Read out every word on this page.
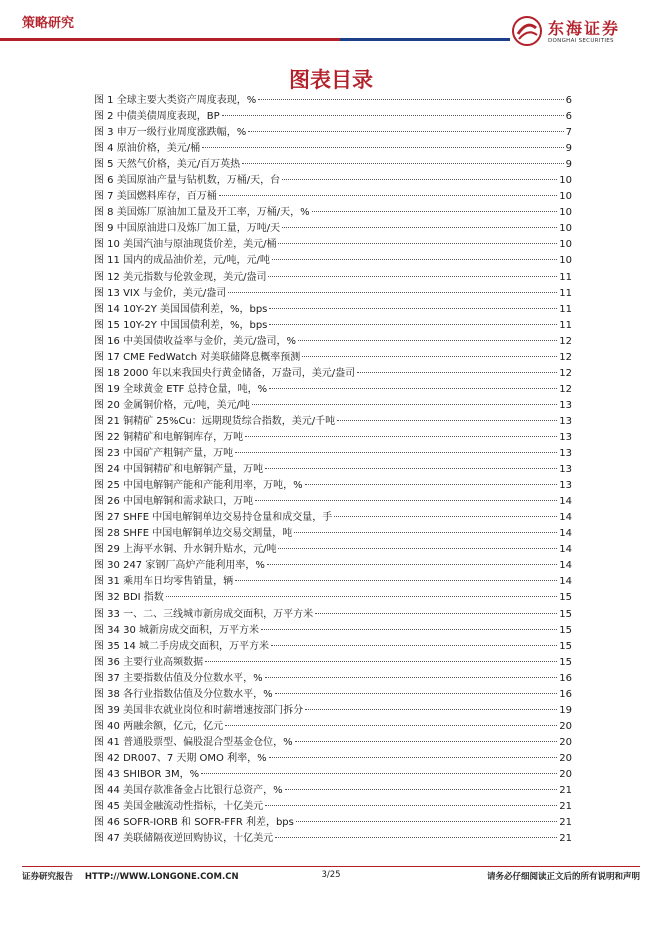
策略研究	东海证券
DONGHAI SECURITIES
图表目录
图 1 全球主要大类资产周度表现，%	6
图 2 中债美债周度表现，BP	6
图 3 申万一级行业周度涨跌幅，%	7
图 4 原油价格，美元/桶	9
图 5 天然气价格，美元/百万英热	9
图 6 美国原油产量与钻机数，万桶/天，台	10
图 7 美国燃料库存，百万桶	10
图 8 美国炼厂原油加工量及开工率，万桶/天，%	10
图 9 中国原油进口及炼厂加工量，万吨/天	10
图 10 美国汽油与原油现货价差，美元/桶	10
图 11 国内的成品油价差，元/吨，元/吨	10
图 12 美元指数与伦敦金现，美元/盎司	11
图 13 VIX 与金价，美元/盎司	11
图 14 10Y-2Y 美国国债利差，%，bps	11
图 15 10Y-2Y 中国国债利差，%，bps	11
图 16 中美国债收益率与金价，美元/盎司，%	12
图 17 CME FedWatch 对美联储降息概率预测	12
图 18 2000 年以来我国央行黄金储备，万盎司，美元/盎司	12
图 19 全球黄金 ETF 总持仓量，吨，%	12
图 20 金属铜价格，元/吨，美元/吨	13
图 21 铜精矿 25%Cu：远期现货综合指数，美元/千吨	13
图 22 铜精矿和电解铜库存，万吨	13
图 23 中国矿产粗铜产量，万吨	13
图 24 中国铜精矿和电解铜产量，万吨	13
图 25 中国电解铜产能和产能利用率，万吨，%	13
图 26 中国电解铜和需求缺口，万吨	14
图 27 SHFE 中国电解铜单边交易持仓量和成交量，手	14
图 28 SHFE 中国电解铜单边交易交割量，吨	14
图 29 上海平水铜、升水铜升贴水，元/吨	14
图 30 247 家钢厂高炉产能利用率，%	14
图 31 乘用车日均零售销量，辆	14
图 32 BDI 指数	15
图 33 一、二、三线城市新房成交面积，万平方米	15
图 34 30 城新房成交面积，万平方米	15
图 35 14 城二手房成交面积，万平方米	15
图 36 主要行业高频数据	15
图 37 主要指数估值及分位数水平，%	16
图 38 各行业指数估值及分位数水平，%	16
图 39 美国非农就业岗位和时薪增速按部门拆分	19
图 40 两融余额，亿元，亿元	20
图 41 普通股票型、偏股混合型基金仓位，%	20
图 42 DR007、7 天期 OMO 利率，%	20
图 43 SHIBOR 3M，%	20
图 44 美国存款准备金占比银行总资产，%	21
图 45 美国金融流动性指标，十亿美元	21
图 46 SOFR-IORB 和 SOFR-FFR 利差，bps	21
图 47 美联储隔夜逆回购协议，十亿美元	21
证券研究报告 HTTP://WWW.LONGONE.COM.CN	3/25	请务必仔细阅读正文后的所有说明和声明
